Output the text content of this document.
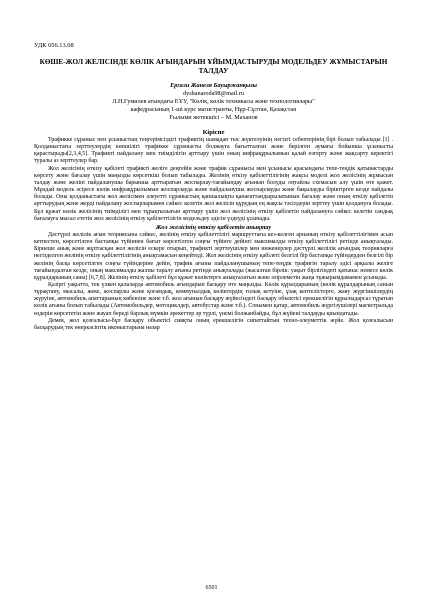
УДК 656.13.08
КӨШЕ-ЖОЛ ЖЕЛІСІНДЕ КӨЛІК АҒЫНДАРЫН ҰЙЫМДАСТЫРУДЫ МОДЕЛЬДЕУ ЖҰМЫСТАРЫН ТАЛДАУ
Ергали Жанеля Бауыржанқызы
dyshanaroda98@mail.ru
Л.Н.Гумилев атындағы ЕҰУ, "Көлік, көлік техникасы және технологиялары"
кафедрасының 1-ші курс магистранты, Нұр-Сұлтан, Қазақстан
Ғылыми жетекшісі – М. Маханов
Кіріспе

Трафикке сұраныс пен ұсыныстың теңгерімсіздігі трафиктің шамадан тыс жүктелуінің негізгі себептерінің бірі болып табылады [1] . Қолданыстағы зерттеулердің көпшілігі трафикке сұранысты болжауға бағытталған және берілген аумағы бойынша ұсынысты қарастырады[2,3,4,5]. Трафикті пайдалану мен тиімділігін арттыру үшін оның инфрақұрылымын қалай өзгерту және жақсарту керектігі туралы аз зерттеулер бар.

Жол желісінің өткізу қабілеті трафикті желіге деңгейін және трафик сұранысы мен ұсынысы арасындағы тепе-теңдік қатынастарды көрсету және бағалау үшін маңызды көрсеткіш болып табылады. Желінің өткізу қабілеттілігінің жақсы моделі жол желісінің жұмысын талдау және желіні пайдаланушы барынша арттыратын жоспарлау-тағайындау ағынын болуды оңтайлы схемасын алу үшін өте қажет. Мұндай модель әсіресе көлік инфрақұрылымын жоспарлауда және пайдаланушы жоспарлауды және бақылауды біріктірген кезде пайдалы болады. Оны қолданыстағы жол желісімен әлеуетті сұраныстың қаншалықты қанағаттандырылатынын бағалау және оның өткізу қабілетін арттырудың және жерді пайдалану жоспарларымен сәйкес келетін жол желісін құрудың ең жақсы тәсілдерін зерттеу үшін қолдануға болады. Бұл құжат көлік желісінің тиімділігі мен тұрақтылығын арттыру үшін жол желісінің өткізу қабілетін пайдалануға сәйкес келетін сандық бағалауға мысал ететін жол желісінің өткізу қабілеттілігін модельдеу әдісін үздеуді ұсынады.

Жол желісінің өткізу қабілетін анықтау

Дәстүрлі желілік ағын теориясына сәйкес, желінің өткізу қабілеттілігі маршруттағы кез-келген арнаның өткізу қабілеттілігімен асып кетпестен, көрсетілген бастапқы түйіннен бағыт көрсетілген соңғы түйінге дейінгі максималды өткізу қабілеттілігі ретінде анықталады. Бірнеше анық және жұптасқан жол желісін ескере отырып, трафикті зерттеушілер мен инженерлер дәстүрлі желілік ағындық теорияларға негізделген желінің өткізу қабілеттілігінің анықтамасын кеңейтеді. Жол желісінің өткізу қабілеті белгілі бір бастапқы түйіндерден белгілі бір желінің басқа көрсетілген соңғы түйіндеріне дейін, трафик ағыны пайдаланушының тепе-теңдік трафигін таралу әдісі арқылы желіге тағайындалған кезде, оның максималды жалпы таралу ағыны ретінде анықталады (жасалған бірлік: уақыт бірлігіндегі қатынас немесе көлік құралдарының саны) [6,7,8]. Желінің өткізу қабілеті бұл құжат көліктерге анықталатын және әзірлеметін жаңа тұжырымдамамен ұсынады.

Қазіргі уақытта, тек үлкен қалаларда автомобиль ағындарын басқару өте маңызды. Көлік құралдарының (көлік құралдарының санын тұрақтану, мысалы, жеке, жоспарлы және қоғамдық, коммуналдық көліктердің толық кетуіне, ұзақ кептелістерге, жаяу жүргіншілердің жүруіне, автомобиль апаттарының көбеюіне және т.б. жол ағынын басқару жүйесіндегі басқару объектісі ерекшелігін құрылыдарсаз тұратын көлік ағыны болып табылады (Автомобильдер, мотоциклдер, автобустар және т.б.). Сонымен қатар, автомобиль жүргізушілері магистральда өздерін көрсететін және жауап береді барлық мүмкін әрекеттер әр түрлі, үнемі болжанбайды, бұл жүйені талдауды қиындатады.

Демек, жол қозғалысы-бұл басқару объектісі сияқты оның ерекшелігін сипаттайтын техно-әлеуметтік жүйе. Жол қозғалысын басқарудың тек өнеркәсіптік иконыстарына назар

6501
